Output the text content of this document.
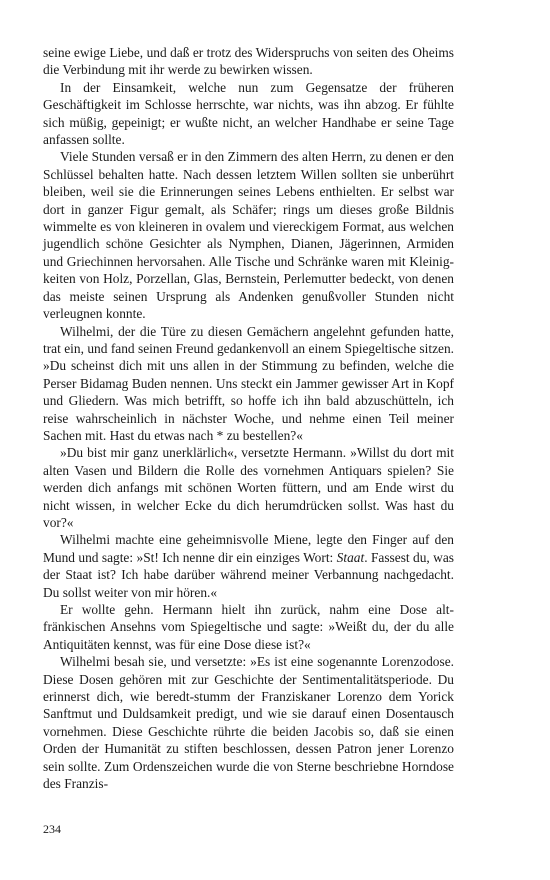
seine ewige Liebe, und daß er trotz des Widerspruchs von seiten des Oheims die Verbindung mit ihr werde zu bewirken wissen.

In der Einsamkeit, welche nun zum Gegensatze der früheren Geschäftigkeit im Schlosse herrschte, war nichts, was ihn abzog. Er fühlte sich müßig, gepeinigt; er wußte nicht, an welcher Handhabe er seine Tage anfassen sollte.

Viele Stunden versaß er in den Zimmern des alten Herrn, zu denen er den Schlüssel behalten hatte. Nach dessen letztem Willen sollten sie unberührt bleiben, weil sie die Erinnerungen seines Lebens enthielten. Er selbst war dort in ganzer Figur gemalt, als Schäfer; rings um dieses große Bildnis wimmelte es von kleineren in ovalem und viereckigem Format, aus welchen jugendlich schöne Gesichter als Nymphen, Dianen, Jägerinnen, Armiden und Griechinnen hervorsahen. Alle Tische und Schränke waren mit Kleinigkeiten von Holz, Porzellan, Glas, Bernstein, Perlemutter bedeckt, von denen das meiste seinen Ursprung als Andenken genußvoller Stunden nicht verleugnen konnte.

Wilhelmi, der die Türe zu diesen Gemächern angelehnt gefunden hatte, trat ein, und fand seinen Freund gedankenvoll an einem Spiegeltische sitzen. »Du scheinst dich mit uns allen in der Stimmung zu befinden, welche die Perser Bidamag Buden nennen. Uns steckt ein Jammer gewisser Art in Kopf und Gliedern. Was mich betrifft, so hoffe ich ihn bald abzuschütteln, ich reise wahrscheinlich in nächster Woche, und nehme einen Teil meiner Sachen mit. Hast du etwas nach * zu bestellen?«

»Du bist mir ganz unerklärlich«, versetzte Hermann. »Willst du dort mit alten Vasen und Bildern die Rolle des vornehmen Antiquars spielen? Sie werden dich anfangs mit schönen Worten füttern, und am Ende wirst du nicht wissen, in welcher Ecke du dich herumdrücken sollst. Was hast du vor?«

Wilhelmi machte eine geheimnisvolle Miene, legte den Finger auf den Mund und sagte: »St! Ich nenne dir ein einziges Wort: Staat. Fassest du, was der Staat ist? Ich habe darüber während meiner Verbannung nachgedacht. Du sollst weiter von mir hören.«

Er wollte gehn. Hermann hielt ihn zurück, nahm eine Dose altfränkischen Ansehns vom Spiegeltische und sagte: »Weißt du, der du alle Antiquitäten kennst, was für eine Dose diese ist?«

Wilhelmi besah sie, und versetzte: »Es ist eine sogenannte Lorenzodose. Diese Dosen gehören mit zur Geschichte der Sentimentalitätsperiode. Du erinnerst dich, wie beredt-stumm der Franziskaner Lorenzo dem Yorick Sanftmut und Duldsamkeit predigt, und wie sie darauf einen Dosentausch vornehmen. Diese Geschichte rührte die beiden Jacobis so, daß sie einen Orden der Humanität zu stiften beschlossen, dessen Patron jener Lorenzo sein sollte. Zum Ordenszeichen wurde die von Sterne beschriebne Horndose des Franzis-

234
